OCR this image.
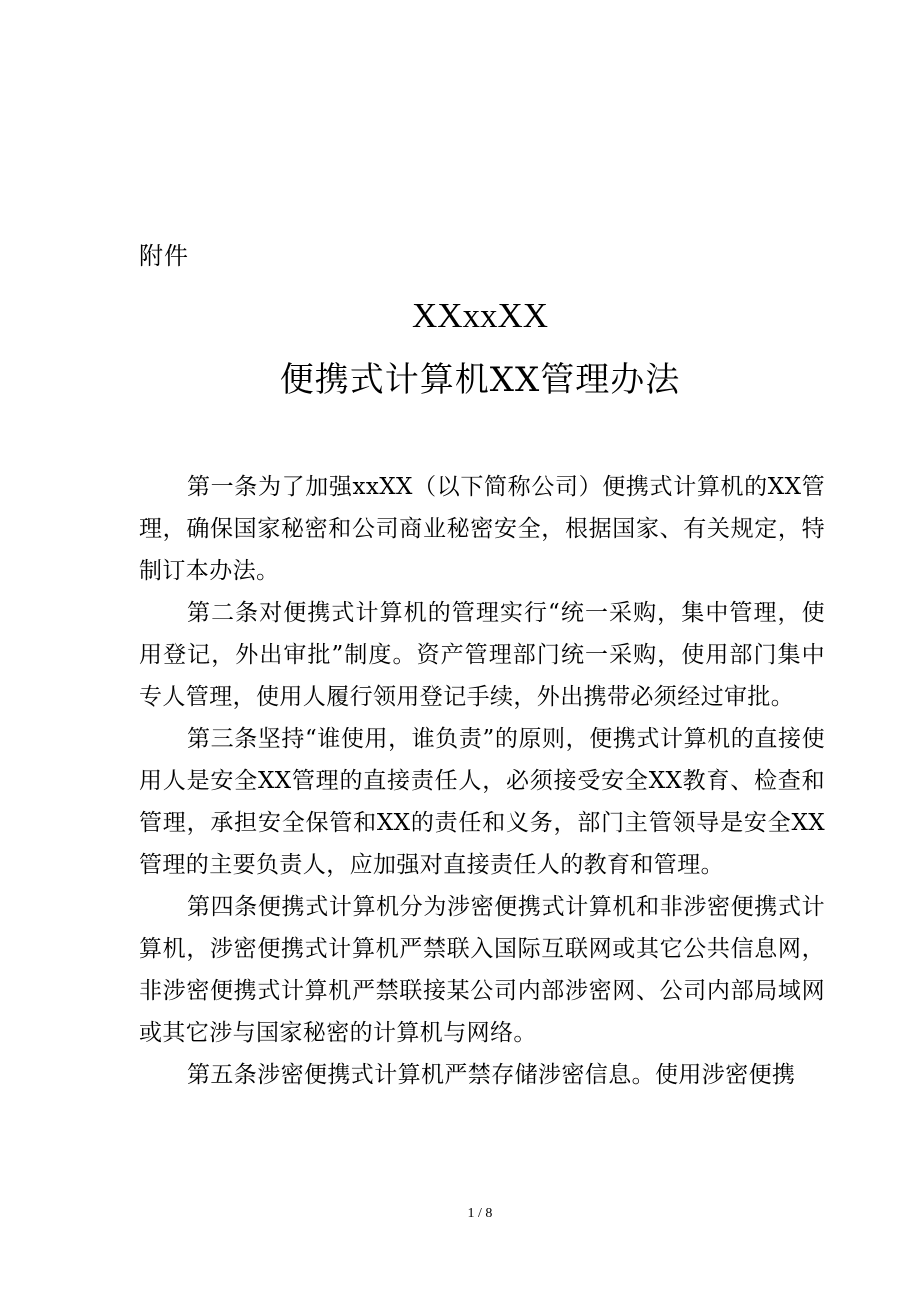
附件
XXxxXX
便携式计算机XX管理办法

第一条为了加强xxXX（以下简称公司）便携式计算机的XX管理，确保国家秘密和公司商业秘密安全，根据国家、有关规定，特制订本办法。

第二条对便携式计算机的管理实行“统一采购，集中管理，使用登记，外出审批”制度。资产管理部门统一采购，使用部门集中专人管理，使用人履行领用登记手续，外出携带必须经过审批。

第三条坚持“谁使用，谁负责”的原则，便携式计算机的直接使用人是安全XX管理的直接责任人，必须接受安全XX教育、检查和管理，承担安全保管和XX的责任和义务，部门主管领导是安全XX管理的主要负责人，应加强对直接责任人的教育和管理。

第四条便携式计算机分为涉密便携式计算机和非涉密便携式计算机，涉密便携式计算机严禁联入国际互联网或其它公共信息网，非涉密便携式计算机严禁联接某公司内部涉密网、公司内部局域网或其它涉与国家秘密的计算机与网络。

第五条涉密便携式计算机严禁存储涉密信息。使用涉密便携

1 / 8
